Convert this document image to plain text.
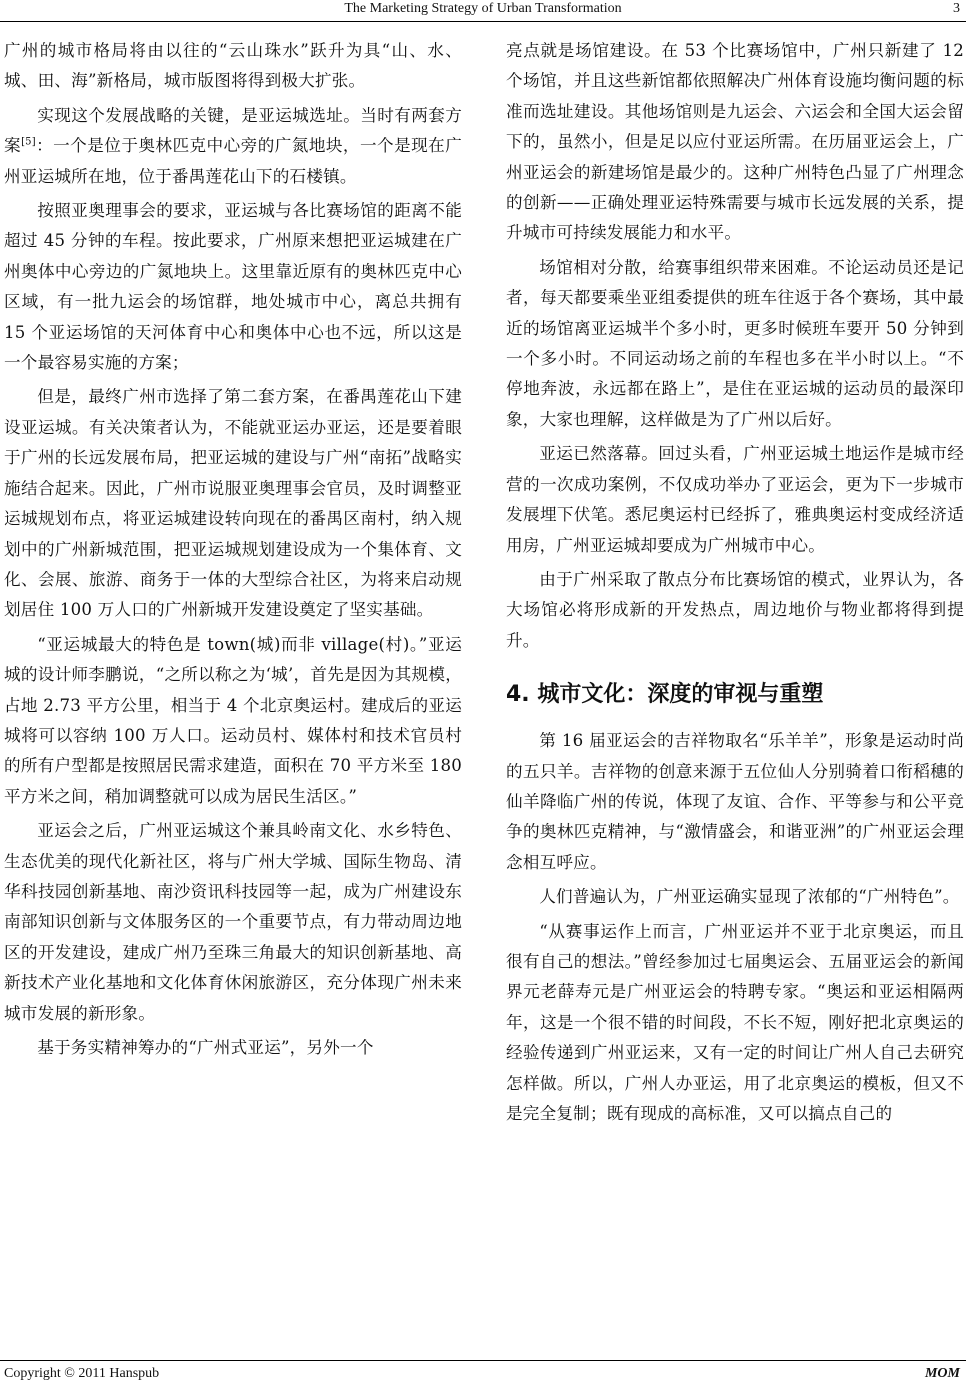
The Marketing Strategy of Urban Transformation	3

广州的城市格局将由以往的“云山珠水”跃升为具“山、水、城、田、海”新格局，城市版图将得到极大扩张。

实现这个发展战略的关键，是亚运城选址。当时有两套方案[5]：一个是位于奥林匹克中心旁的广氮地块，一个是现在广州亚运城所在地，位于番禺莲花山下的石楼镇。

按照亚奥理事会的要求，亚运城与各比赛场馆的距离不能超过 45 分钟的车程。按此要求，广州原来想把亚运城建在广州奥体中心旁边的广氮地块上。这里靠近原有的奥林匹克中心区域，有一批九运会的场馆群，地处城市中心，离总共拥有 15 个亚运场馆的天河体育中心和奥体中心也不远，所以这是一个最容易实施的方案；

但是，最终广州市选择了第二套方案，在番禺莲花山下建设亚运城。有关决策者认为，不能就亚运办亚运，还是要着眼于广州的长远发展布局，把亚运城的建设与广州“南拓”战略实施结合起来。因此，广州市说服亚奥理事会官员，及时调整亚运城规划布点，将亚运城建设转向现在的番禺区南村，纳入规划中的广州新城范围，把亚运城规划建设成为一个集体育、文化、会展、旅游、商务于一体的大型综合社区，为将来启动规划居住 100 万人口的广州新城开发建设奠定了坚实基础。

“亚运城最大的特色是 town(城)而非 village(村)。”亚运城的设计师李鹏说，“之所以称之为‘城’，首先是因为其规模，占地 2.73 平方公里，相当于 4 个北京奥运村。建成后的亚运城将可以容纳 100 万人口。运动员村、媒体村和技术官员村的所有户型都是按照居民需求建造，面积在 70 平方米至 180 平方米之间，稍加调整就可以成为居民生活区。”

亚运会之后，广州亚运城这个兼具岭南文化、水乡特色、生态优美的现代化新社区，将与广州大学城、国际生物岛、清华科技园创新基地、南沙资讯科技园等一起，成为广州建设东南部知识创新与文体服务区的一个重要节点，有力带动周边地区的开发建设，建成广州乃至珠三角最大的知识创新基地、高新技术产业化基地和文化体育休闲旅游区，充分体现广州未来城市发展的新形象。

基于务实精神筹办的“广州式亚运”，另外一个

亮点就是场馆建设。在 53 个比赛场馆中，广州只新建了 12 个场馆，并且这些新馆都依照解决广州体育设施均衡问题的标准而选址建设。其他场馆则是九运会、六运会和全国大运会留下的，虽然小，但是足以应付亚运所需。在历届亚运会上，广州亚运会的新建场馆是最少的。这种广州特色凸显了广州理念的创新——正确处理亚运特殊需要与城市长远发展的关系，提升城市可持续发展能力和水平。

场馆相对分散，给赛事组织带来困难。不论运动员还是记者，每天都要乘坐亚组委提供的班车往返于各个赛场，其中最近的场馆离亚运城半个多小时，更多时候班车要开 50 分钟到一个多小时。不同运动场之前的车程也多在半小时以上。“不停地奔波，永远都在路上”，是住在亚运城的运动员的最深印象，大家也理解，这样做是为了广州以后好。

亚运已然落幕。回过头看，广州亚运城土地运作是城市经营的一次成功案例，不仅成功举办了亚运会，更为下一步城市发展埋下伏笔。悉尼奥运村已经拆了，雅典奥运村变成经济适用房，广州亚运城却要成为广州城市中心。

由于广州采取了散点分布比赛场馆的模式，业界认为，各大场馆必将形成新的开发热点，周边地价与物业都将得到提升。

4. 城市文化：深度的审视与重塑

第 16 届亚运会的吉祥物取名“乐羊羊”，形象是运动时尚的五只羊。吉祥物的创意来源于五位仙人分别骑着口衔稻穗的仙羊降临广州的传说，体现了友谊、合作、平等参与和公平竞争的奥林匹克精神，与“激情盛会，和谐亚洲”的广州亚运会理念相互呼应。

人们普遍认为，广州亚运确实显现了浓郁的“广州特色”。

“从赛事运作上而言，广州亚运并不亚于北京奥运，而且很有自己的想法。”曾经参加过七届奥运会、五届亚运会的新闻界元老薛寿元是广州亚运会的特聘专家。“奥运和亚运相隔两年，这是一个很不错的时间段，不长不短，刚好把北京奥运的经验传递到广州亚运来，又有一定的时间让广州人自己去研究怎样做。所以，广州人办亚运，用了北京奥运的模板，但又不是完全复制；既有现成的高标准，又可以搞点自己的

Copyright © 2011 Hanspub	MOM
